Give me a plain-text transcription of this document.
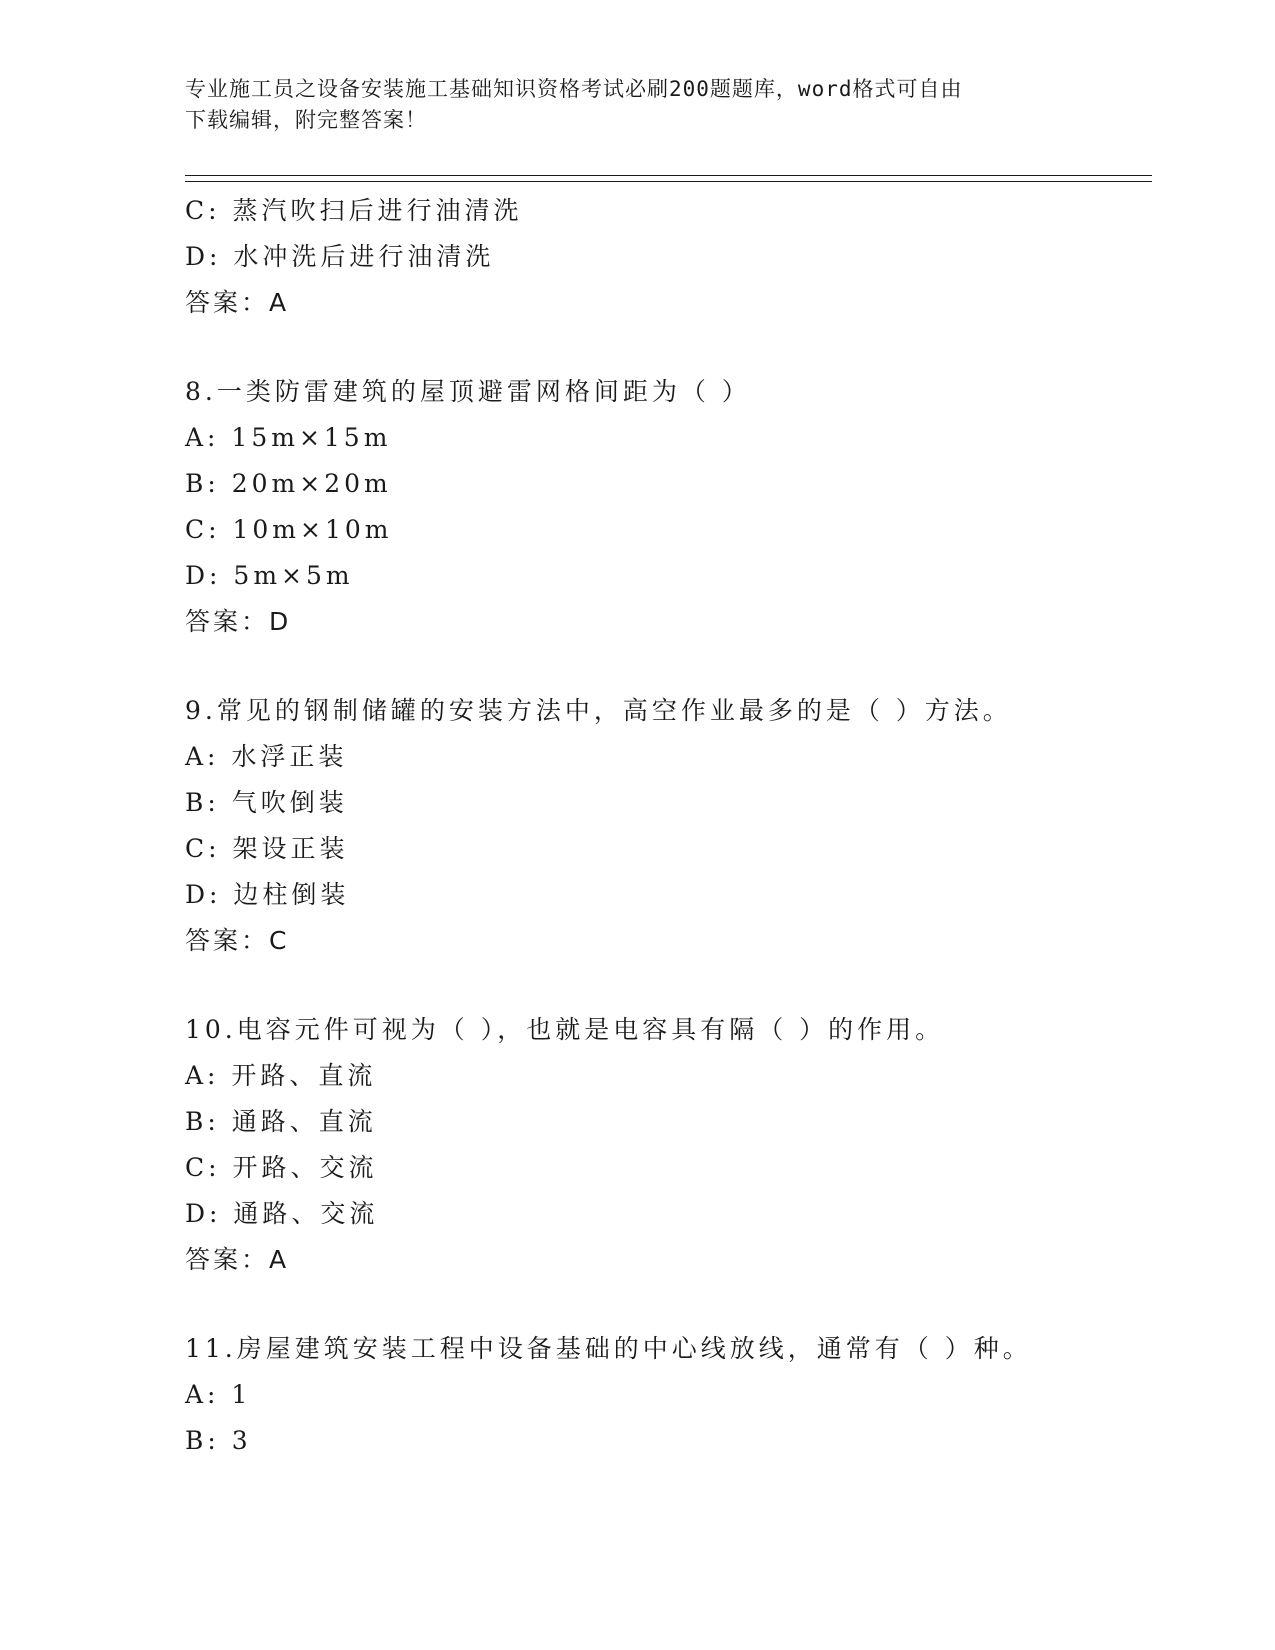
专业施工员之设备安装施工基础知识资格考试必刷200题题库，word格式可自由
下载编辑，附完整答案！
C: 蒸汽吹扫后进行油清洗
D: 水冲洗后进行油清洗
答案：A
8.一类防雷建筑的屋顶避雷网格间距为（ ）
A: 15m×15m
B: 20m×20m
C: 10m×10m
D: 5m×5m
答案：D
9.常见的钢制储罐的安装方法中，高空作业最多的是（ ）方法。
A: 水浮正装
B: 气吹倒装
C: 架设正装
D: 边柱倒装
答案：C
10.电容元件可视为（ ），也就是电容具有隔（ ）的作用。
A: 开路、直流
B: 通路、直流
C: 开路、交流
D: 通路、交流
答案：A
11.房屋建筑安装工程中设备基础的中心线放线，通常有（ ）种。
A: 1
B: 3
